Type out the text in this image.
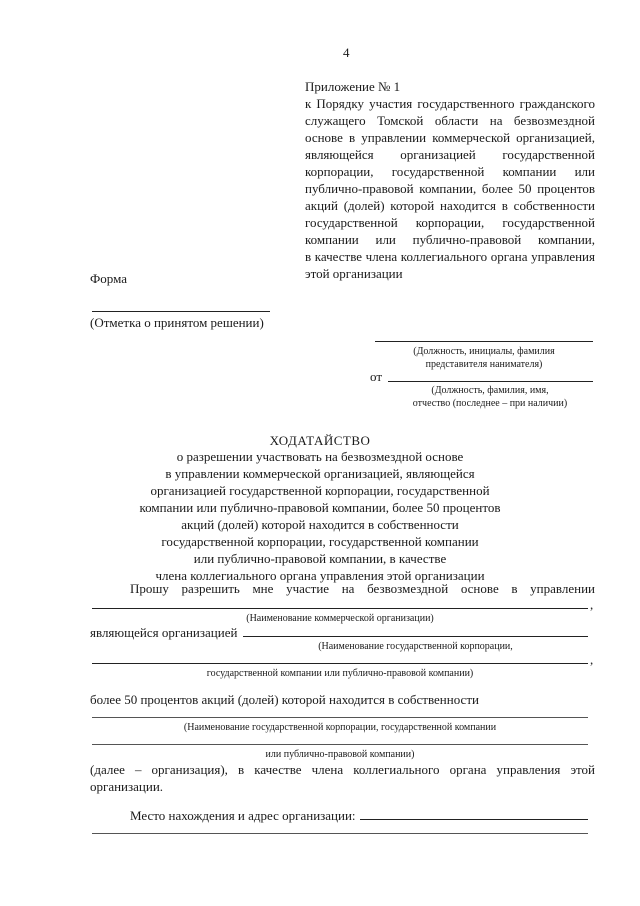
4
Приложение № 1
к Порядку участия государственного гражданского
служащего Томской области на безвозмездной
основе в управлении коммерческой организацией,
являющейся организацией государственной
корпорации, государственной компании или
публично-правовой компании, более 50 процентов
акций (долей) которой находится в собственности
государственной корпорации, государственной
компании или публично-правовой компании,
в качестве члена коллегиального органа управления
этой организации
Форма
(Отметка о принятом решении)
(Должность, инициалы, фамилия
представителя нанимателя)
от
(Должность, фамилия, имя,
отчество (последнее – при наличии)
ХОДАТАЙСТВО
о разрешении участвовать на безвозмездной основе
в управлении коммерческой организацией, являющейся
организацией государственной корпорации, государственной
компании или публично-правовой компании, более 50 процентов
акций (долей) которой находится в собственности
государственной корпорации, государственной компании
или публично-правовой компании, в качестве
члена коллегиального органа управления этой организации
Прошу разрешить мне участие на безвозмездной основе в управлении
,
(Наименование коммерческой организации)
являющейся организацией
(Наименование государственной корпорации,
,
государственной компании или публично-правовой компании)
более 50 процентов акций (долей) которой находится в собственности
(Наименование государственной корпорации, государственной компании
или публично-правовой компании)
(далее – организация), в качестве члена коллегиального органа управления этой
организации.
Место нахождения и адрес организации:
